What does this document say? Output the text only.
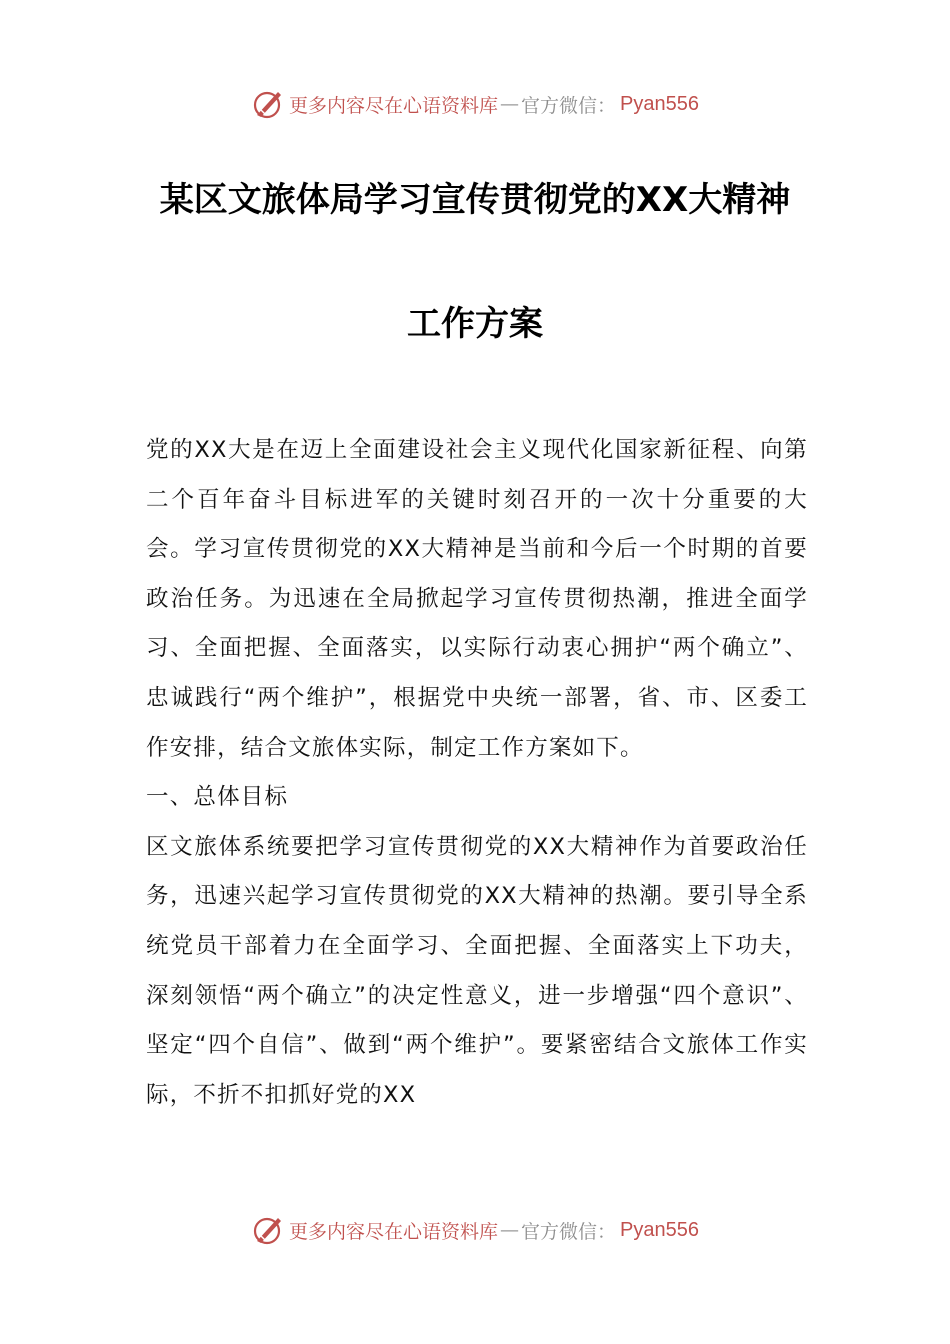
更多内容尽在心语资料库 — 官方微信： Pyan556
某区文旅体局学习宣传贯彻党的XX大精神
工作方案

党的XX大是在迈上全面建设社会主义现代化国家新征程、向第二个百年奋斗目标进军的关键时刻召开的一次十分重要的大会。学习宣传贯彻党的XX大精神是当前和今后一个时期的首要政治任务。为迅速在全局掀起学习宣传贯彻热潮，推进全面学习、全面把握、全面落实，以实际行动衷心拥护“两个确立”、忠诚践行“两个维护”，根据党中央统一部署，省、市、区委工作安排，结合文旅体实际，制定工作方案如下。

一、总体目标

区文旅体系统要把学习宣传贯彻党的XX大精神作为首要政治任务，迅速兴起学习宣传贯彻党的XX大精神的热潮。要引导全系统党员干部着力在全面学习、全面把握、全面落实上下功夫，深刻领悟“两个确立”的决定性意义，进一步增强“四个意识”、坚定“四个自信”、做到“两个维护”。要紧密结合文旅体工作实际，不折不扣抓好党的XX

更多内容尽在心语资料库 — 官方微信： Pyan556
